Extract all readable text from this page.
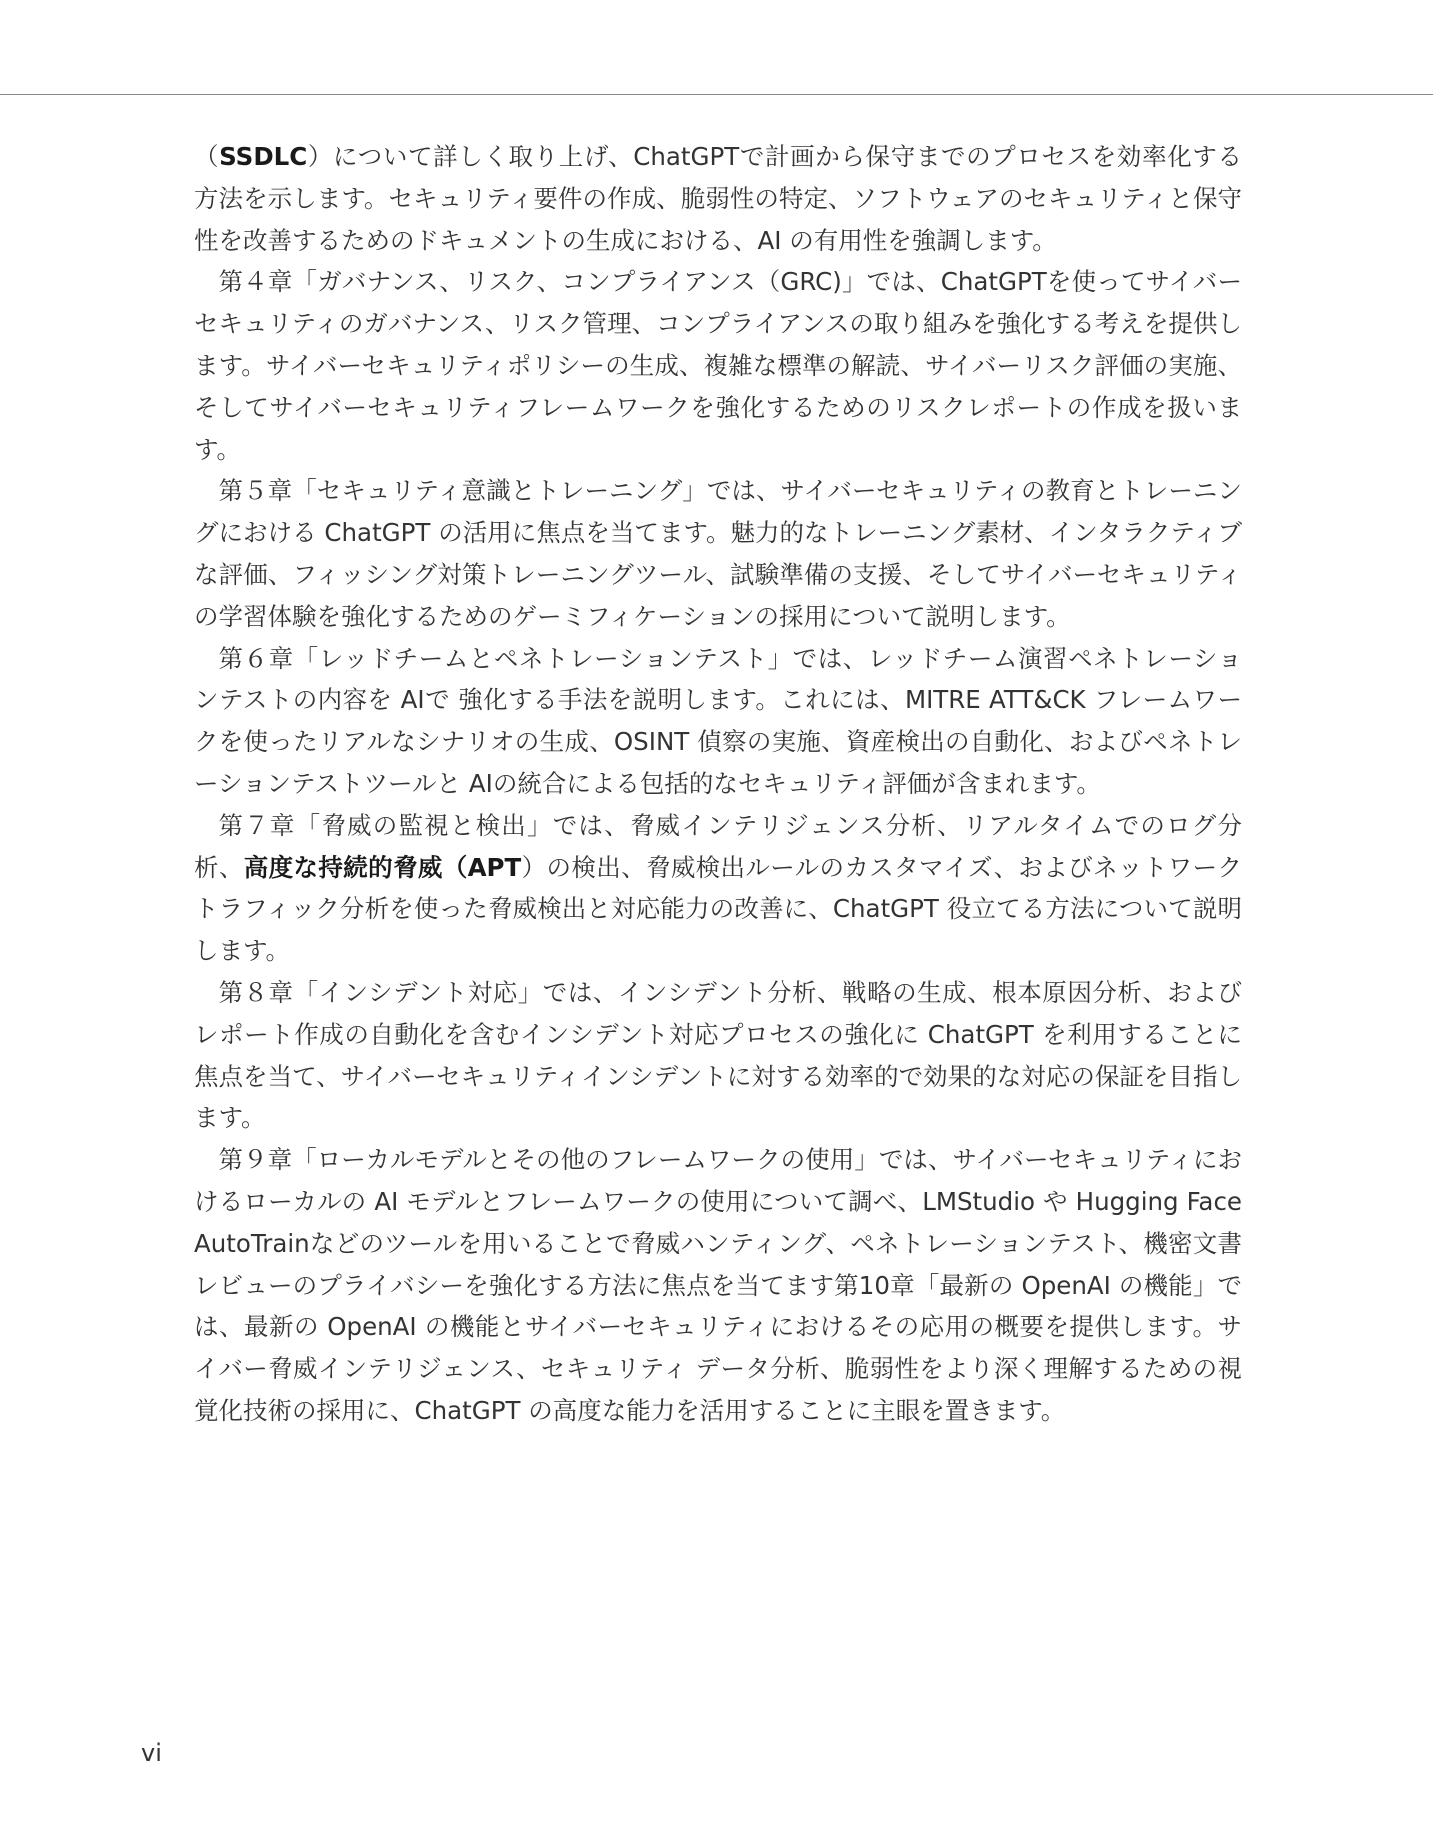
（SSDLC）について詳しく取り上げ、ChatGPTで計画から保守までのプロセスを効率化する方法を示します。セキュリティ要件の作成、脆弱性の特定、ソフトウェアのセキュリティと保守性を改善するためのドキュメントの生成における、AI の有用性を強調します。

第４章「ガバナンス、リスク、コンプライアンス（GRC)」では、ChatGPTを使ってサイバーセキュリティのガバナンス、リスク管理、コンプライアンスの取り組みを強化する考えを提供します。サイバーセキュリティポリシーの生成、複雑な標準の解読、サイバーリスク評価の実施、そしてサイバーセキュリティフレームワークを強化するためのリスクレポートの作成を扱います。

第５章「セキュリティ意識とトレーニング」では、サイバーセキュリティの教育とトレーニングにおける ChatGPT の活用に焦点を当てます。魅力的なトレーニング素材、インタラクティブな評価、フィッシング対策トレーニングツール、試験準備の支援、そしてサイバーセキュリティの学習体験を強化するためのゲーミフィケーションの採用について説明します。

第６章「レッドチームとペネトレーションテスト」では、レッドチーム演習ペネトレーションテストの内容を AIで 強化する手法を説明します。これには、MITRE ATT&CK フレームワークを使ったリアルなシナリオの生成、OSINT 偵察の実施、資産検出の自動化、およびペネトレーションテストツールと AIの統合による包括的なセキュリティ評価が含まれます。

第７章「脅威の監視と検出」では、脅威インテリジェンス分析、リアルタイムでのログ分析、高度な持続的脅威（APT）の検出、脅威検出ルールのカスタマイズ、およびネットワークトラフィック分析を使った脅威検出と対応能力の改善に、ChatGPT 役立てる方法について説明します。

第８章「インシデント対応」では、インシデント分析、戦略の生成、根本原因分析、およびレポート作成の自動化を含むインシデント対応プロセスの強化に ChatGPT を利用することに焦点を当て、サイバーセキュリティインシデントに対する効率的で効果的な対応の保証を目指します。

第９章「ローカルモデルとその他のフレームワークの使用」では、サイバーセキュリティにおけるローカルの AI モデルとフレームワークの使用について調べ、LMStudio や Hugging Face AutoTrainなどのツールを用いることで脅威ハンティング、ペネトレーションテスト、機密文書レビューのプライバシーを強化する方法に焦点を当てます第10章「最新の OpenAI の機能」では、最新の OpenAI の機能とサイバーセキュリティにおけるその応用の概要を提供します。サイバー脅威インテリジェンス、セキュリティ データ分析、脆弱性をより深く理解するための視覚化技術の採用に、ChatGPT の高度な能力を活用することに主眼を置きます。

vi
